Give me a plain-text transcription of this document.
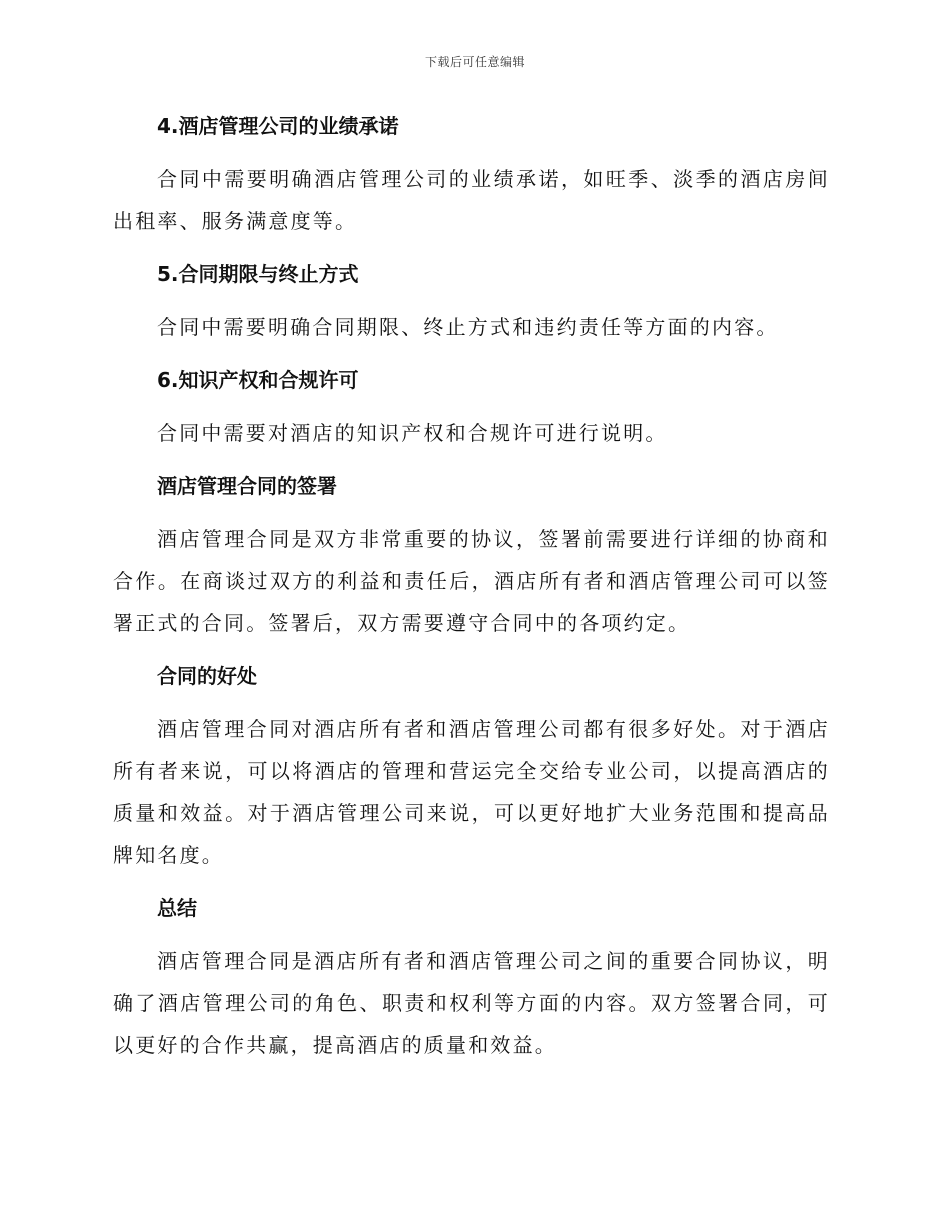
下载后可任意编辑
4.酒店管理公司的业绩承诺

合同中需要明确酒店管理公司的业绩承诺，如旺季、淡季的酒店房间出租率、服务满意度等。

5.合同期限与终止方式

合同中需要明确合同期限、终止方式和违约责任等方面的内容。

6.知识产权和合规许可

合同中需要对酒店的知识产权和合规许可进行说明。

酒店管理合同的签署

酒店管理合同是双方非常重要的协议，签署前需要进行详细的协商和合作。在商谈过双方的利益和责任后，酒店所有者和酒店管理公司可以签署正式的合同。签署后，双方需要遵守合同中的各项约定。

合同的好处

酒店管理合同对酒店所有者和酒店管理公司都有很多好处。对于酒店所有者来说，可以将酒店的管理和营运完全交给专业公司，以提高酒店的质量和效益。对于酒店管理公司来说，可以更好地扩大业务范围和提高品牌知名度。

总结

酒店管理合同是酒店所有者和酒店管理公司之间的重要合同协议，明确了酒店管理公司的角色、职责和权利等方面的内容。双方签署合同，可以更好的合作共赢，提高酒店的质量和效益。
